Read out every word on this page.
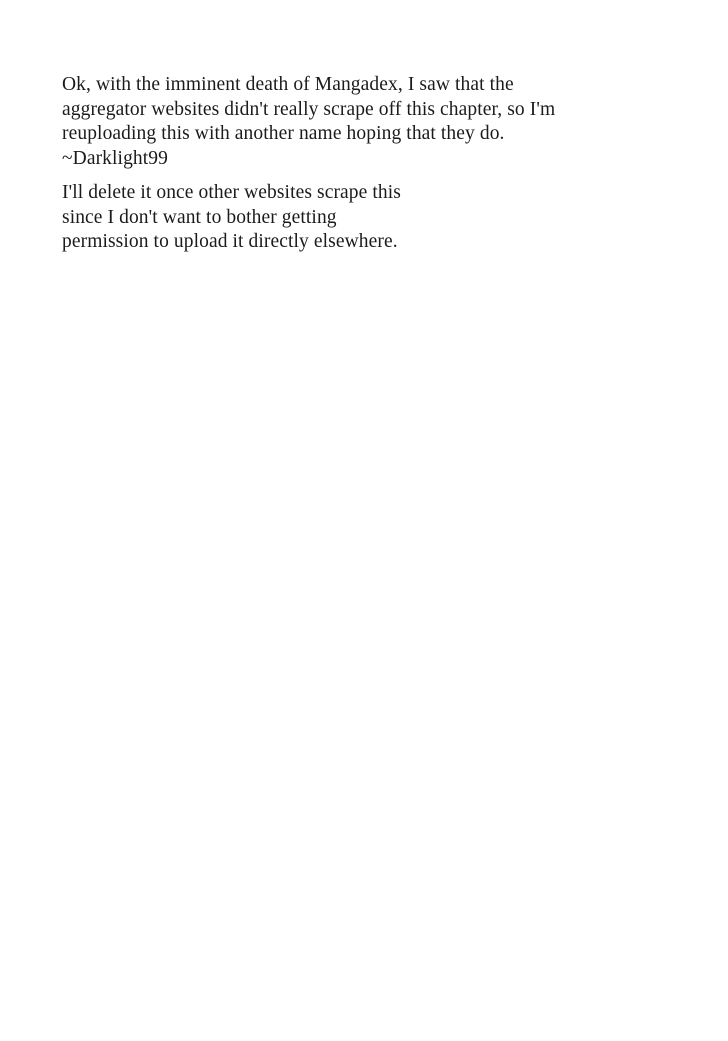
Ok, with the imminent death of Mangadex, I saw that the
aggregator websites didn't really scrape off this chapter, so I'm
reuploading this with another name hoping that they do.
~Darklight99
I'll delete it once other websites scrape this
since I don't want to bother getting
permission to upload it directly elsewhere.
